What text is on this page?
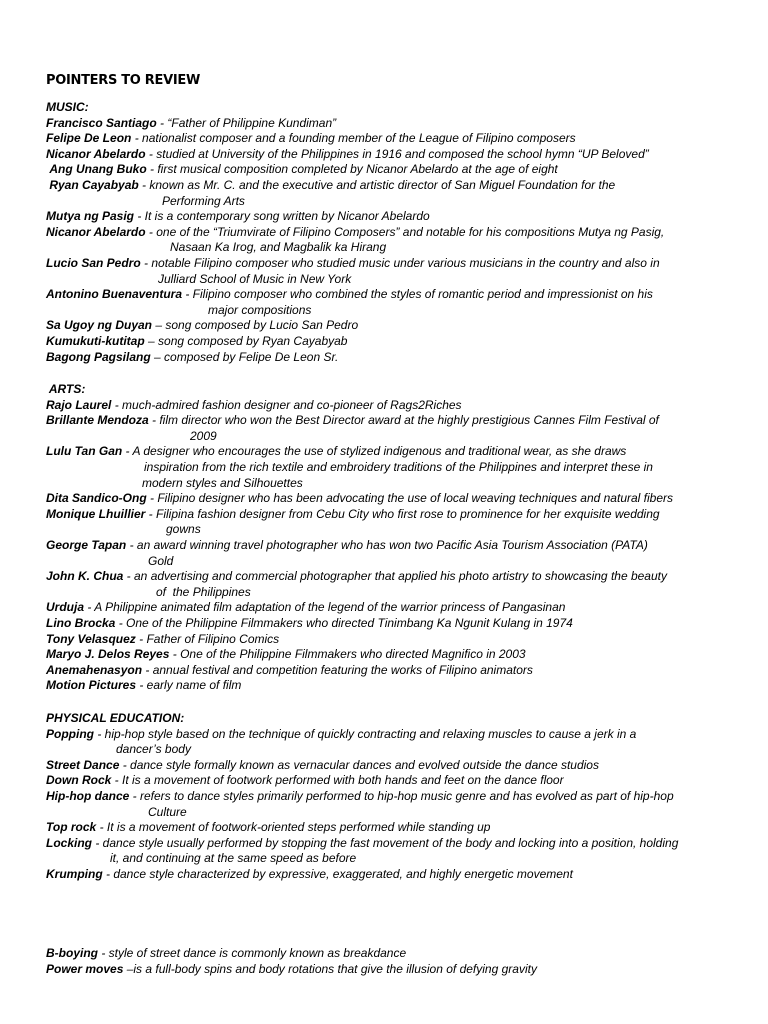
POINTERS TO REVIEW
MUSIC:
Francisco Santiago - “Father of Philippine Kundiman”
Felipe De Leon - nationalist composer and a founding member of the League of Filipino composers
Nicanor Abelardo - studied at University of the Philippines in 1916 and composed the school hymn “UP Beloved”
Ang Unang Buko - first musical composition completed by Nicanor Abelardo at the age of eight
Ryan Cayabyab - known as Mr. C. and the executive and artistic director of San Miguel Foundation for the
Performing Arts
Mutya ng Pasig - It is a contemporary song written by Nicanor Abelardo
Nicanor Abelardo - one of the “Triumvirate of Filipino Composers” and notable for his compositions Mutya ng Pasig,
Nasaan Ka Irog, and Magbalik ka Hirang
Lucio San Pedro - notable Filipino composer who studied music under various musicians in the country and also in
Julliard School of Music in New York
Antonino Buenaventura - Filipino composer who combined the styles of romantic period and impressionist on his
major compositions
Sa Ugoy ng Duyan – song composed by Lucio San Pedro
Kumukuti-kutitap – song composed by Ryan Cayabyab
Bagong Pagsilang – composed by Felipe De Leon Sr.
ARTS:
Rajo Laurel - much-admired fashion designer and co-pioneer of Rags2Riches
Brillante Mendoza - film director who won the Best Director award at the highly prestigious Cannes Film Festival of
2009
Lulu Tan Gan - A designer who encourages the use of stylized indigenous and traditional wear, as she draws
inspiration from the rich textile and embroidery traditions of the Philippines and interpret these in
modern styles and Silhouettes
Dita Sandico-Ong - Filipino designer who has been advocating the use of local weaving techniques and natural fibers
Monique Lhuillier - Filipina fashion designer from Cebu City who first rose to prominence for her exquisite wedding
gowns
George Tapan - an award winning travel photographer who has won two Pacific Asia Tourism Association (PATA)
Gold
John K. Chua - an advertising and commercial photographer that applied his photo artistry to showcasing the beauty
of  the Philippines
Urduja - A Philippine animated film adaptation of the legend of the warrior princess of Pangasinan
Lino Brocka - One of the Philippine Filmmakers who directed Tinimbang Ka Ngunit Kulang in 1974
Tony Velasquez - Father of Filipino Comics
Maryo J. Delos Reyes - One of the Philippine Filmmakers who directed Magnifico in 2003
Anemahenasyon - annual festival and competition featuring the works of Filipino animators
Motion Pictures - early name of film
PHYSICAL EDUCATION:
Popping - hip-hop style based on the technique of quickly contracting and relaxing muscles to cause a jerk in a
dancer’s body
Street Dance - dance style formally known as vernacular dances and evolved outside the dance studios
Down Rock - It is a movement of footwork performed with both hands and feet on the dance floor
Hip-hop dance - refers to dance styles primarily performed to hip-hop music genre and has evolved as part of hip-hop
Culture
Top rock - It is a movement of footwork-oriented steps performed while standing up
Locking - dance style usually performed by stopping the fast movement of the body and locking into a position, holding
it, and continuing at the same speed as before
Krumping - dance style characterized by expressive, exaggerated, and highly energetic movement
B-boying - style of street dance is commonly known as breakdance
Power moves –is a full-body spins and body rotations that give the illusion of defying gravity
